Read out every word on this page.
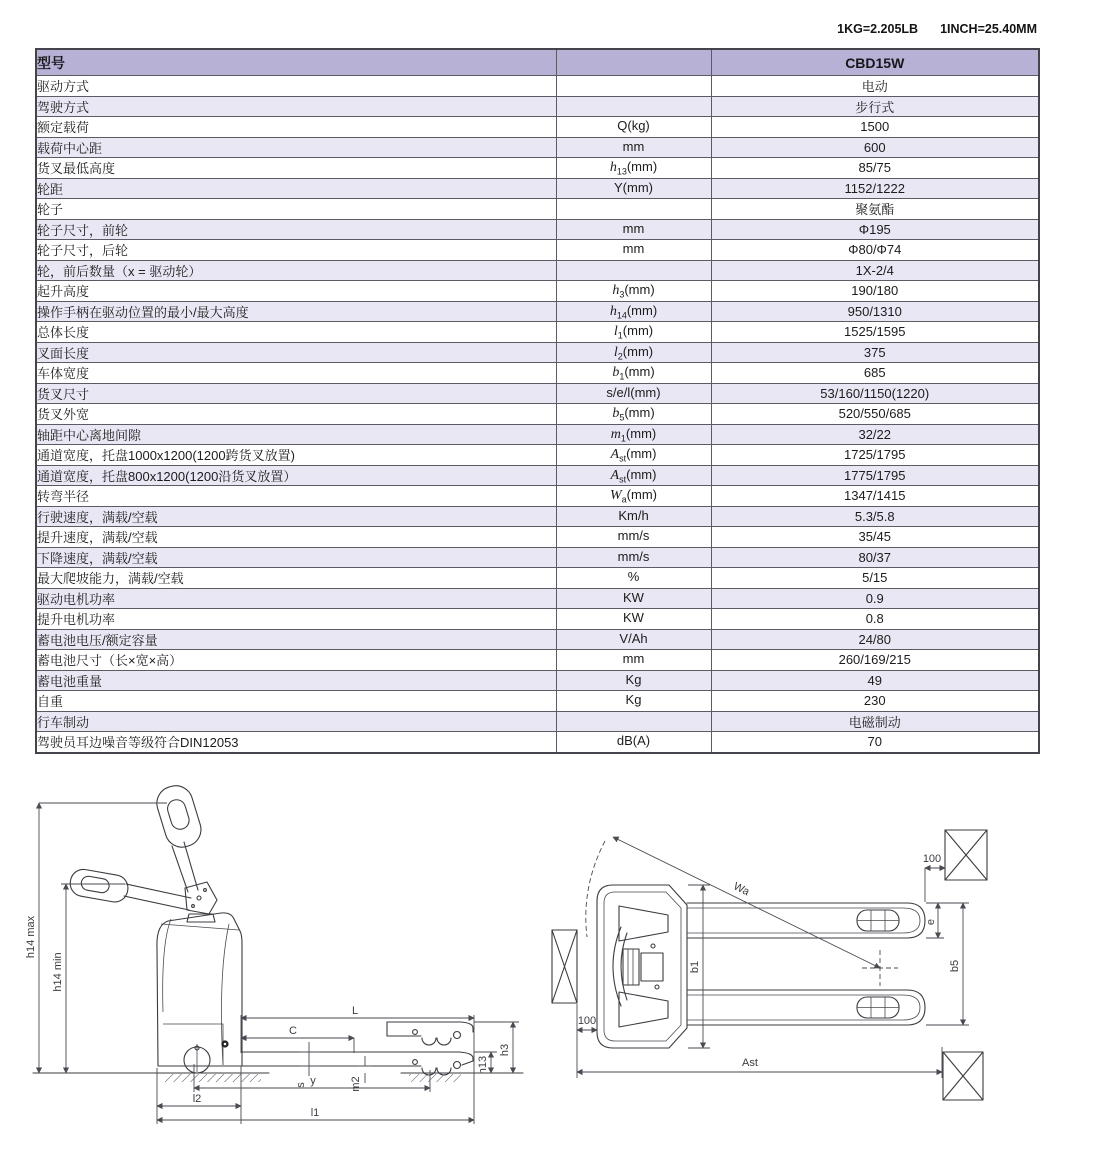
1KG=2.205LB 1INCH=25.40MM
型号		CBD15W
驱动方式		电动
驾驶方式		步行式
额定载荷	Q(kg)	1500
载荷中心距	mm	600
货叉最低高度	$h_{13}(mm)$	85/75
轮距	Y(mm)	1152/1222
轮子		聚氨酯
轮子尺寸，前轮	mm	Φ195
轮子尺寸，后轮	mm	Φ80/Φ74
轮，前后数量（x = 驱动轮）		1X-2/4
起升高度	$h_3(mm)$	190/180
操作手柄在驱动位置的最小/最大高度	$h_{14}(mm)$	950/1310
总体长度	$l_1(mm)$	1525/1595
叉面长度	$l_2(mm)$	375
车体宽度	$b_1(mm)$	685
货叉尺寸	s/e/l(mm)	53/160/1150(1220)
货叉外宽	$b_5(mm)$	520/550/685
轴距中心离地间隙	$m_1(mm)$	32/22
通道宽度，托盘1000x1200(1200跨货叉放置)	$A_{st}(mm)$	1725/1795
通道宽度，托盘800x1200(1200沿货叉放置）	$A_{st}(mm)$	1775/1795
转弯半径	$W_a(mm)$	1347/1415
行驶速度，满载/空载	Km/h	5.3/5.8
提升速度，满载/空载	mm/s	35/45
下降速度，满载/空载	mm/s	80/37
最大爬坡能力，满载/空载	%	5/15
驱动电机功率	KW	0.9
提升电机功率	KW	0.8
蓄电池电压/额定容量	V/Ah	24/80
蓄电池尺寸（长×宽×高）	mm	260/169/215
蓄电池重量	Kg	49
自重	Kg	230
行车制动		电磁制动
驾驶员耳边噪音等级符合DIN12053	dB(A)	70
h14 max
h14 min
L
C
s	m2
y
l2
l1
h13
h3
Wa
b1
e
b5
100
100
Ast
